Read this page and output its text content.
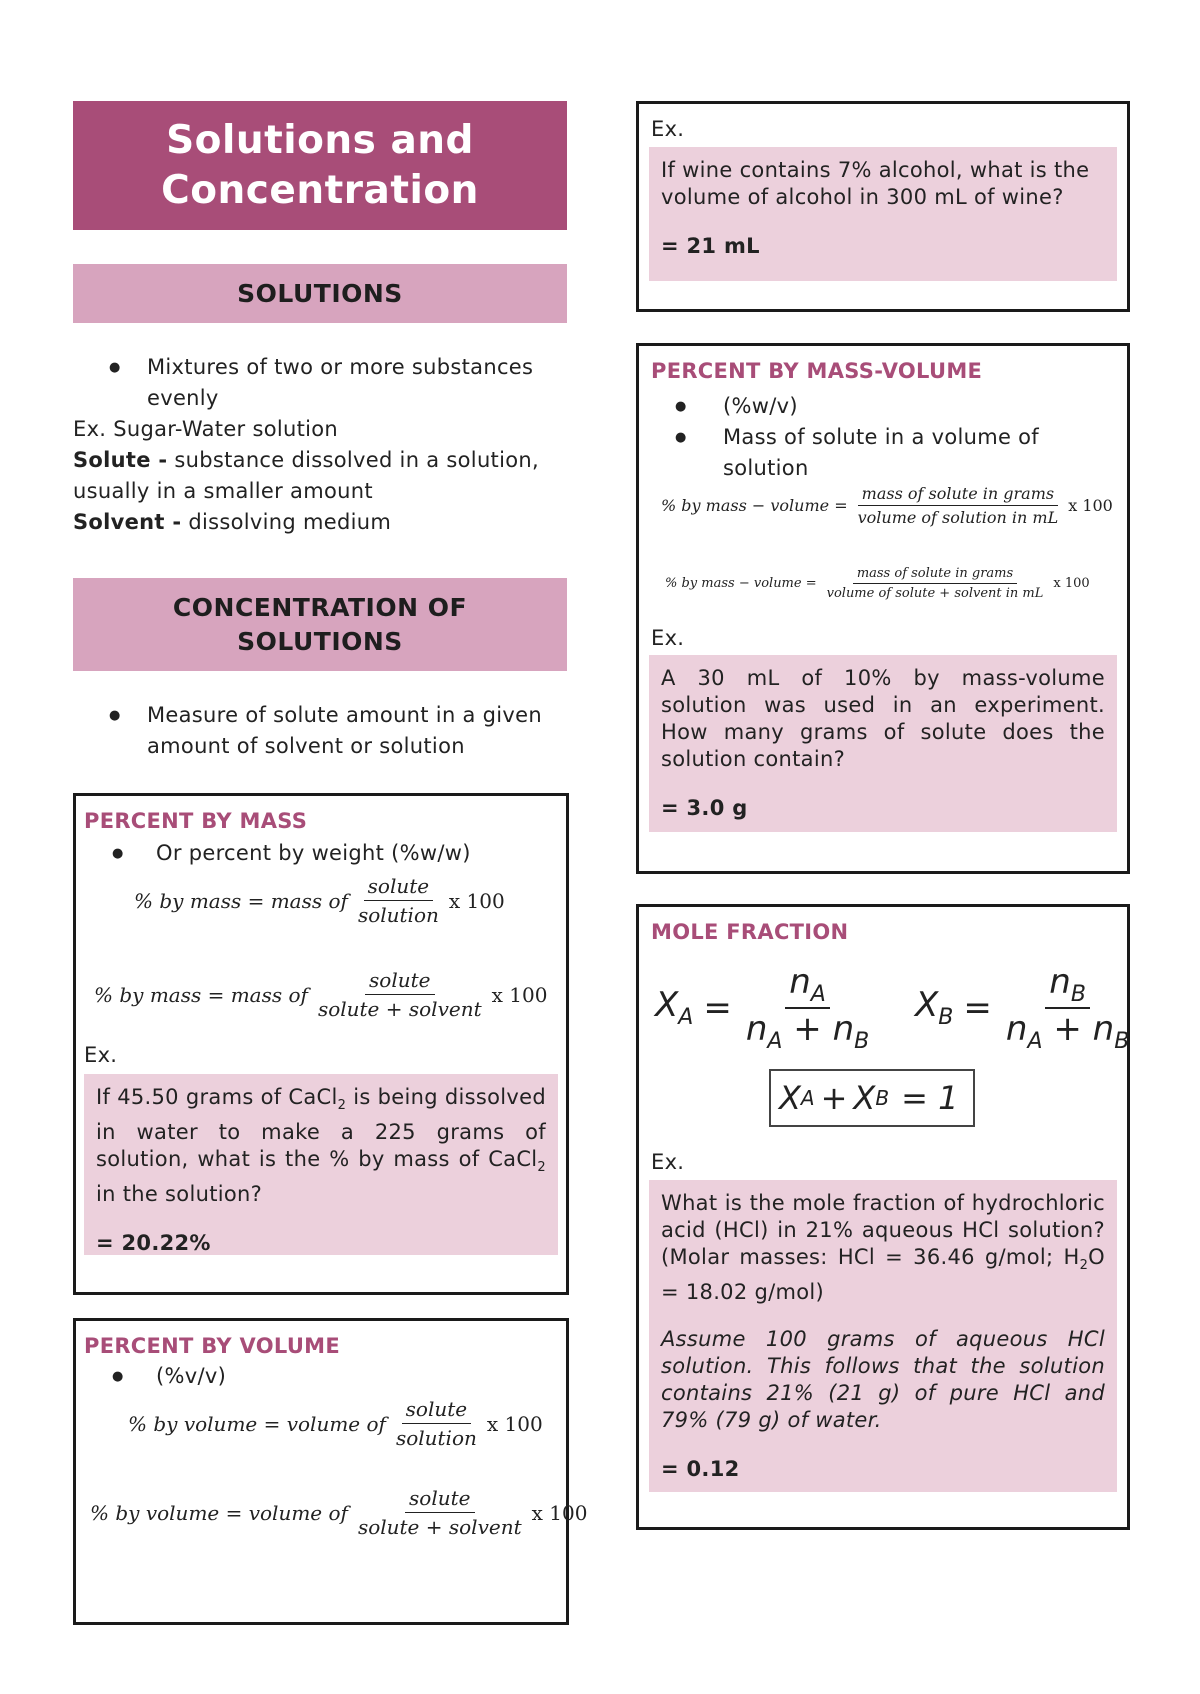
Solutions and
Concentration
SOLUTIONS
● Mixtures of two or more substances evenly
Ex. Sugar-Water solution
Solute - substance dissolved in a solution, usually in a smaller amount
Solvent - dissolving medium
CONCENTRATION OF
SOLUTIONS
● Measure of solute amount in a given amount of solvent or solution
PERCENT BY MASS
● Or percent by weight (%w/w)
% by mass = mass of $\frac{\text{solute}}{\text{solution}}$ x 100
% by mass = mass of $\frac{\text{solute}}{\text{solute + solvent}}$ x 100
Ex.
If 45.50 grams of CaCl$_2$ is being dissolved in water to make a 225 grams of solution, what is the % by mass of CaCl$_2$ in the solution?
= 20.22%
PERCENT BY VOLUME
● (%v/v)
% by volume = volume of $\frac{\text{solute}}{\text{solution}}$ x 100
% by volume = volume of $\frac{\text{solute}}{\text{solute + solvent}}$ x 100
Ex.
If wine contains 7% alcohol, what is the volume of alcohol in 300 mL of wine?
= 21 mL
PERCENT BY MASS-VOLUME
● (%w/v)
● Mass of solute in a volume of solution
% by mass − volume = $\frac{\text{mass of solute in grams}}{\text{volume of solution in mL}}$ x 100
% by mass − volume = $\frac{\text{mass of solute in grams}}{\text{volume of solute + solvent in mL}}$ x 100
Ex.
A 30 mL of 10% by mass-volume solution was used in an experiment. How many grams of solute does the solution contain?
= 3.0 g
MOLE FRACTION
$X_A = \frac{n_A}{n_A + n_B} X_B = \frac{n_B}{n_A + n_B}$
X A + X B = 1
Ex.
What is the mole fraction of hydrochloric acid (HCl) in 21% aqueous HCl solution? (Molar masses: HCl = 36.46 g/mol; $H_2O = 18.02$ g/mol)
Assume 100 grams of aqueous HCl solution. This follows that the solution contains 21% (21 g) of pure HCl and 79% (79 g) of water.
= 0.12
